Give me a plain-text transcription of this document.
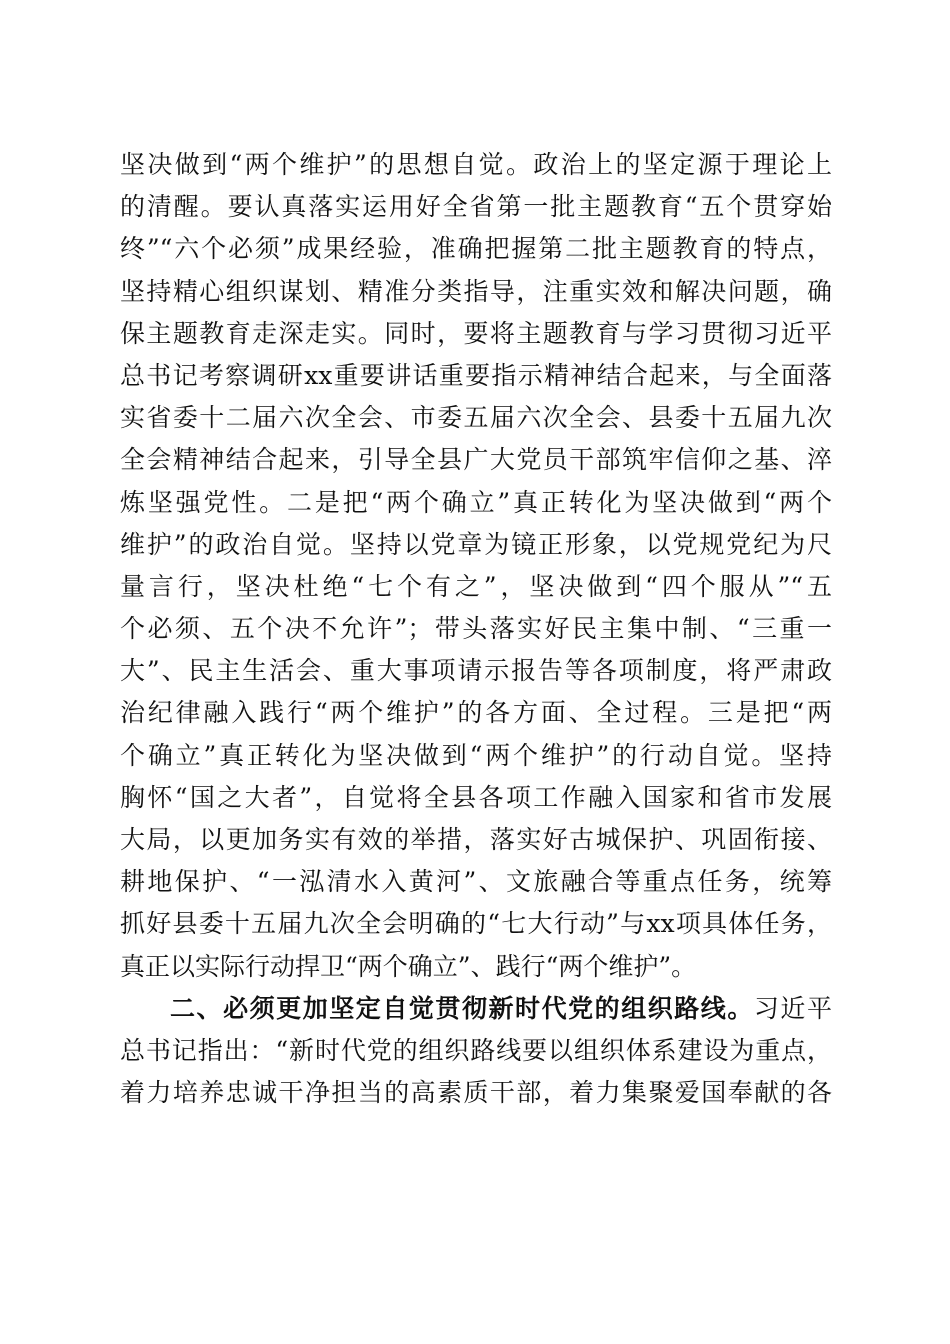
坚决做到“两个维护”的思想自觉。政治上的坚定源于理论上
的清醒。要认真落实运用好全省第一批主题教育“五个贯穿始
终”“六个必须”成果经验，准确把握第二批主题教育的特点，
坚持精心组织谋划、精准分类指导，注重实效和解决问题，确
保主题教育走深走实。同时，要将主题教育与学习贯彻习近平
总书记考察调研xx重要讲话重要指示精神结合起来，与全面落
实省委十二届六次全会、市委五届六次全会、县委十五届九次
全会精神结合起来，引导全县广大党员干部筑牢信仰之基、淬
炼坚强党性。二是把“两个确立”真正转化为坚决做到“两个
维护”的政治自觉。坚持以党章为镜正形象，以党规党纪为尺
量言行，坚决杜绝“七个有之”，坚决做到“四个服从”“五
个必须、五个决不允许”；带头落实好民主集中制、“三重一
大”、民主生活会、重大事项请示报告等各项制度，将严肃政
治纪律融入践行“两个维护”的各方面、全过程。三是把“两
个确立”真正转化为坚决做到“两个维护”的行动自觉。坚持
胸怀“国之大者”，自觉将全县各项工作融入国家和省市发展
大局，以更加务实有效的举措，落实好古城保护、巩固衔接、
耕地保护、“一泓清水入黄河”、文旅融合等重点任务，统筹
抓好县委十五届九次全会明确的“七大行动”与xx项具体任务，
真正以实际行动捍卫“两个确立”、践行“两个维护”。
二、必须更加坚定自觉贯彻新时代党的组织路线。习近平
总书记指出：“新时代党的组织路线要以组织体系建设为重点，
着力培养忠诚干净担当的高素质干部，着力集聚爱国奉献的各
